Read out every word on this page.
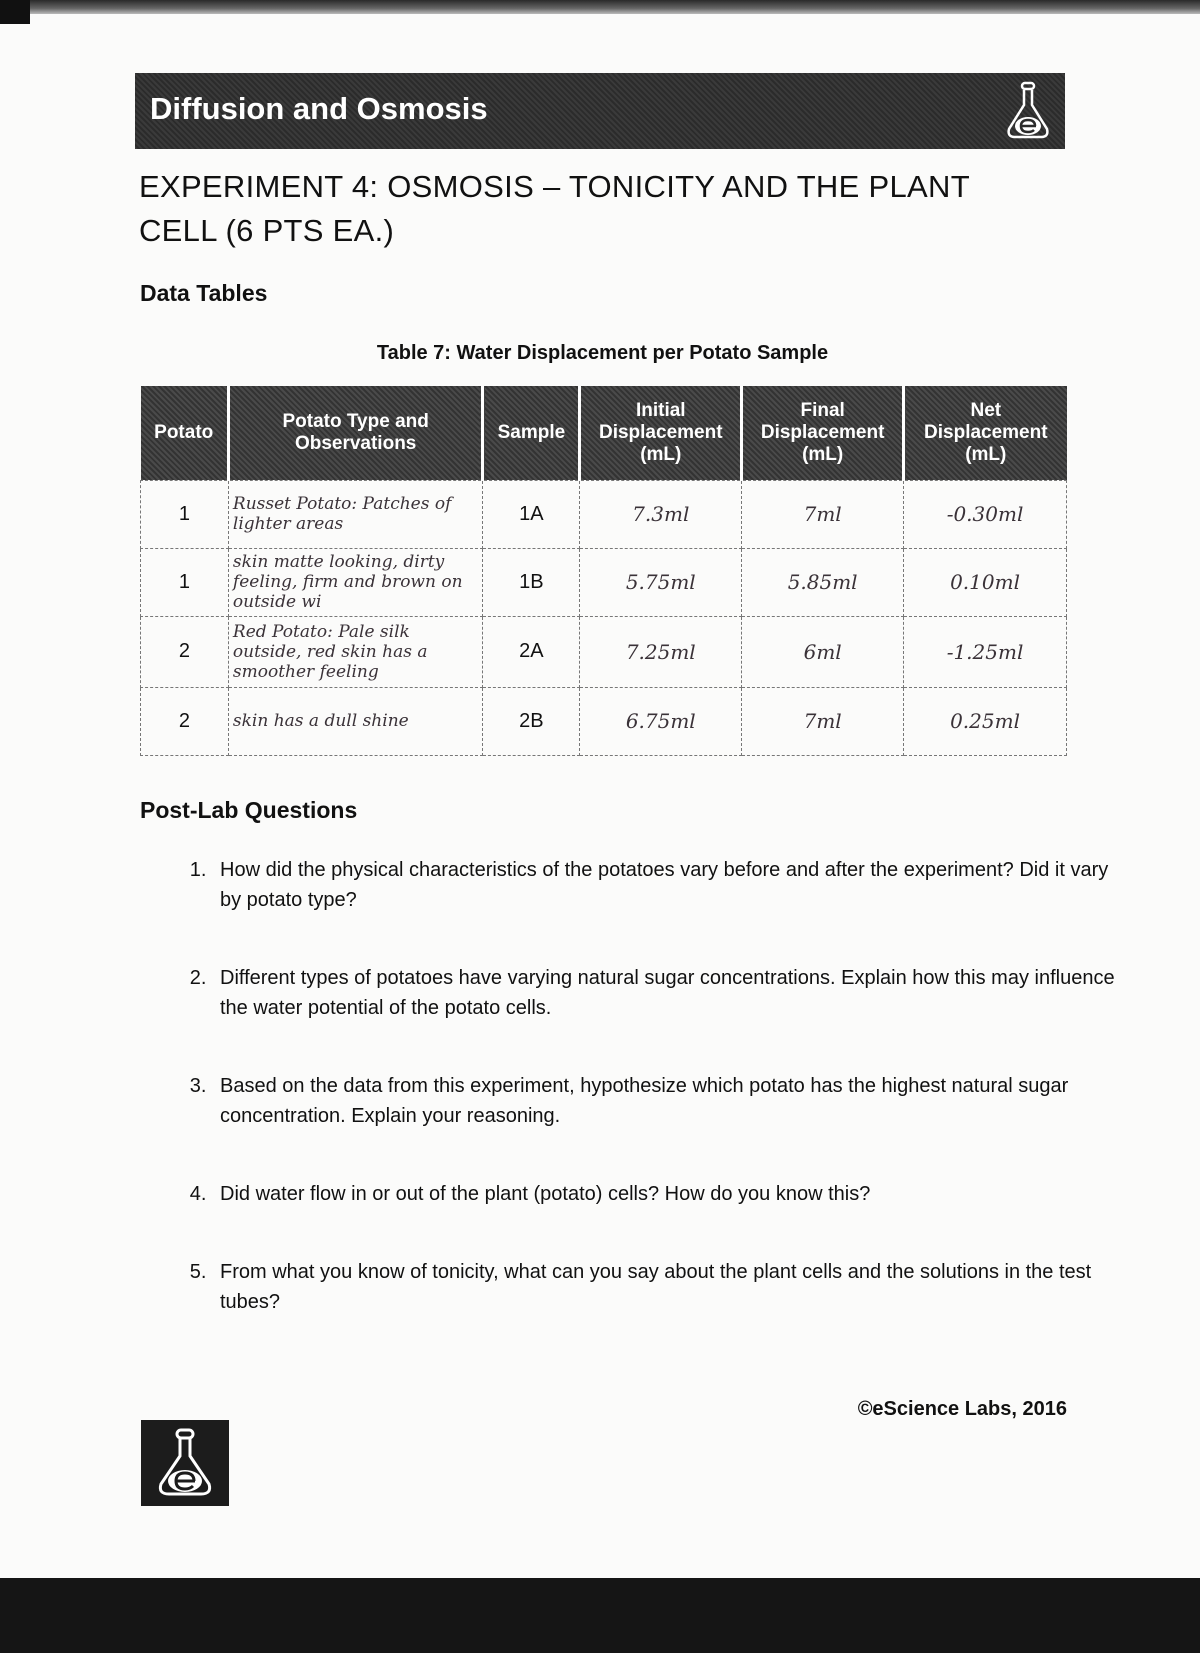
Diffusion and Osmosis
EXPERIMENT 4: OSMOSIS – TONICITY AND THE PLANT CELL (6 PTS EA.)
Data Tables
Table 7: Water Displacement per Potato Sample
Potato	Potato Type and Observations	Sample	Initial Displacement (mL)	Final Displacement (mL)	Net Displacement (mL)
1	Russet Potato: Patches of lighter areas	1A	7.3ml	7ml	-0.30ml
1	skin matte looking, dirty feeling, firm and brown on outside wi	1B	5.75ml	5.85ml	0.10ml
2	Red Potato: Pale silk outside, red skin has a smoother feeling	2A	7.25ml	6ml	-1.25ml
2	skin has a dull shine	2B	6.75ml	7ml	0.25ml
Post-Lab Questions
1. How did the physical characteristics of the potatoes vary before and after the experiment? Did it vary by potato type?
2. Different types of potatoes have varying natural sugar concentrations. Explain how this may influence the water potential of the potato cells.
3. Based on the data from this experiment, hypothesize which potato has the highest natural sugar concentration. Explain your reasoning.
4. Did water flow in or out of the plant (potato) cells? How do you know this?
5. From what you know of tonicity, what can you say about the plant cells and the solutions in the test tubes?
©eScience Labs, 2016
